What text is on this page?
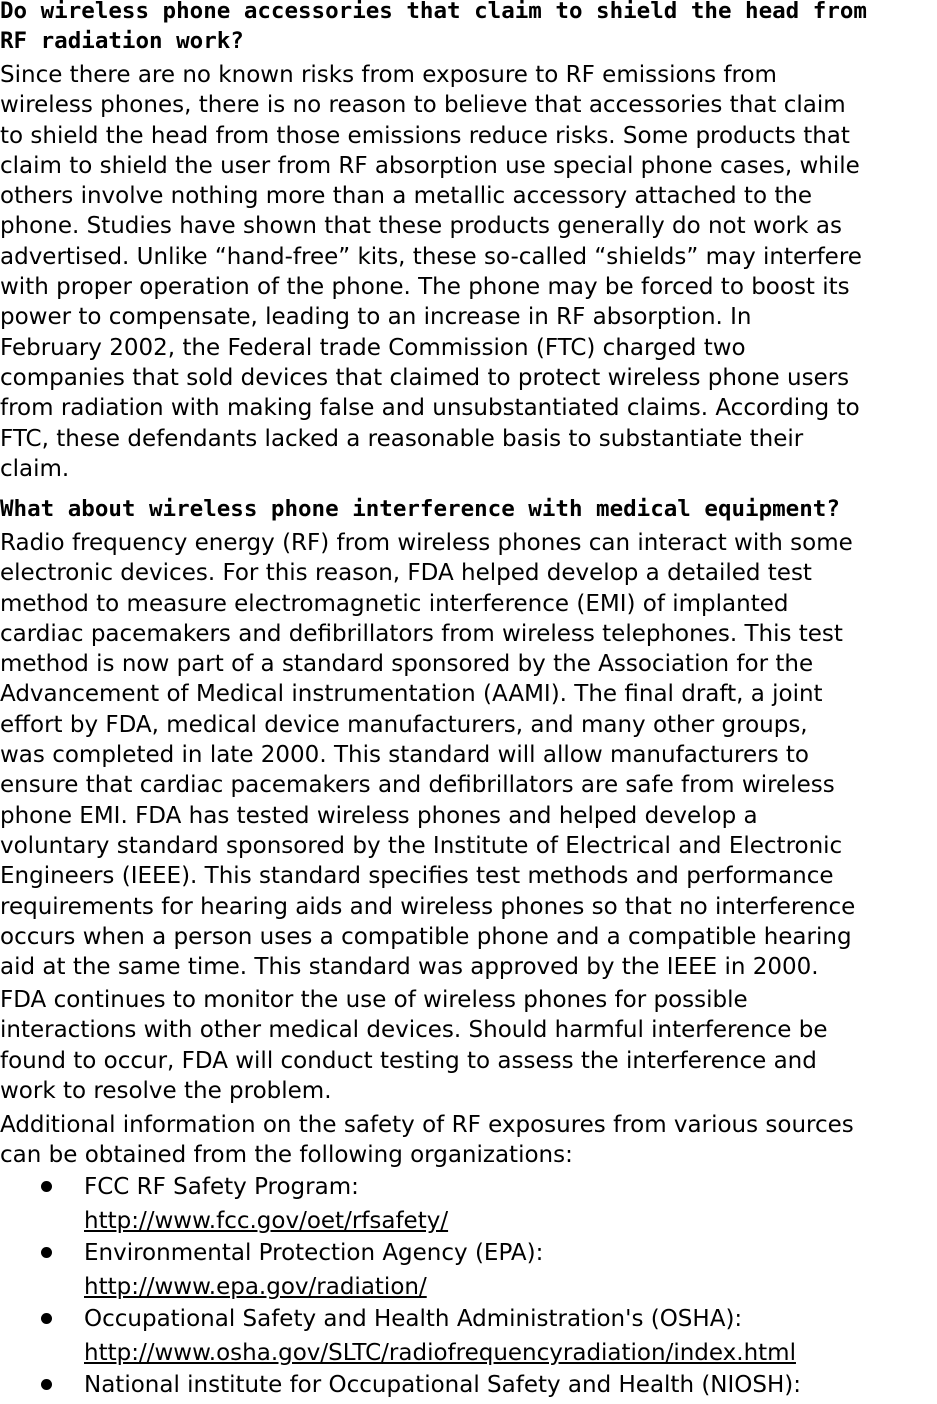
Do wireless phone accessories that claim to shield the head from
RF radiation work?

Since there are no known risks from exposure to RF emissions from
wireless phones, there is no reason to believe that accessories that claim
to shield the head from those emissions reduce risks. Some products that
claim to shield the user from RF absorption use special phone cases, while
others involve nothing more than a metallic accessory attached to the
phone. Studies have shown that these products generally do not work as
advertised. Unlike “hand-free” kits, these so-called “shields” may interfere
with proper operation of the phone. The phone may be forced to boost its
power to compensate, leading to an increase in RF absorption. In
February 2002, the Federal trade Commission (FTC) charged two
companies that sold devices that claimed to protect wireless phone users
from radiation with making false and unsubstantiated claims. According to
FTC, these defendants lacked a reasonable basis to substantiate their
claim.

What about wireless phone interference with medical equipment?

Radio frequency energy (RF) from wireless phones can interact with some
electronic devices. For this reason, FDA helped develop a detailed test
method to measure electromagnetic interference (EMI) of implanted
cardiac pacemakers and defibrillators from wireless telephones. This test
method is now part of a standard sponsored by the Association for the
Advancement of Medical instrumentation (AAMI). The final draft, a joint
effort by FDA, medical device manufacturers, and many other groups,
was completed in late 2000. This standard will allow manufacturers to
ensure that cardiac pacemakers and defibrillators are safe from wireless
phone EMI. FDA has tested wireless phones and helped develop a
voluntary standard sponsored by the Institute of Electrical and Electronic
Engineers (IEEE). This standard specifies test methods and performance
requirements for hearing aids and wireless phones so that no interference
occurs when a person uses a compatible phone and a compatible hearing
aid at the same time. This standard was approved by the IEEE in 2000.

FDA continues to monitor the use of wireless phones for possible
interactions with other medical devices. Should harmful interference be
found to occur, FDA will conduct testing to assess the interference and
work to resolve the problem.

Additional information on the safety of RF exposures from various sources
can be obtained from the following organizations:

FCC RF Safety Program:
http://www.fcc.gov/oet/rfsafety/
Environmental Protection Agency (EPA):
http://www.epa.gov/radiation/
Occupational Safety and Health Administration's (OSHA):
http://www.osha.gov/SLTC/radiofrequencyradiation/index.html
National institute for Occupational Safety and Health (NIOSH):
